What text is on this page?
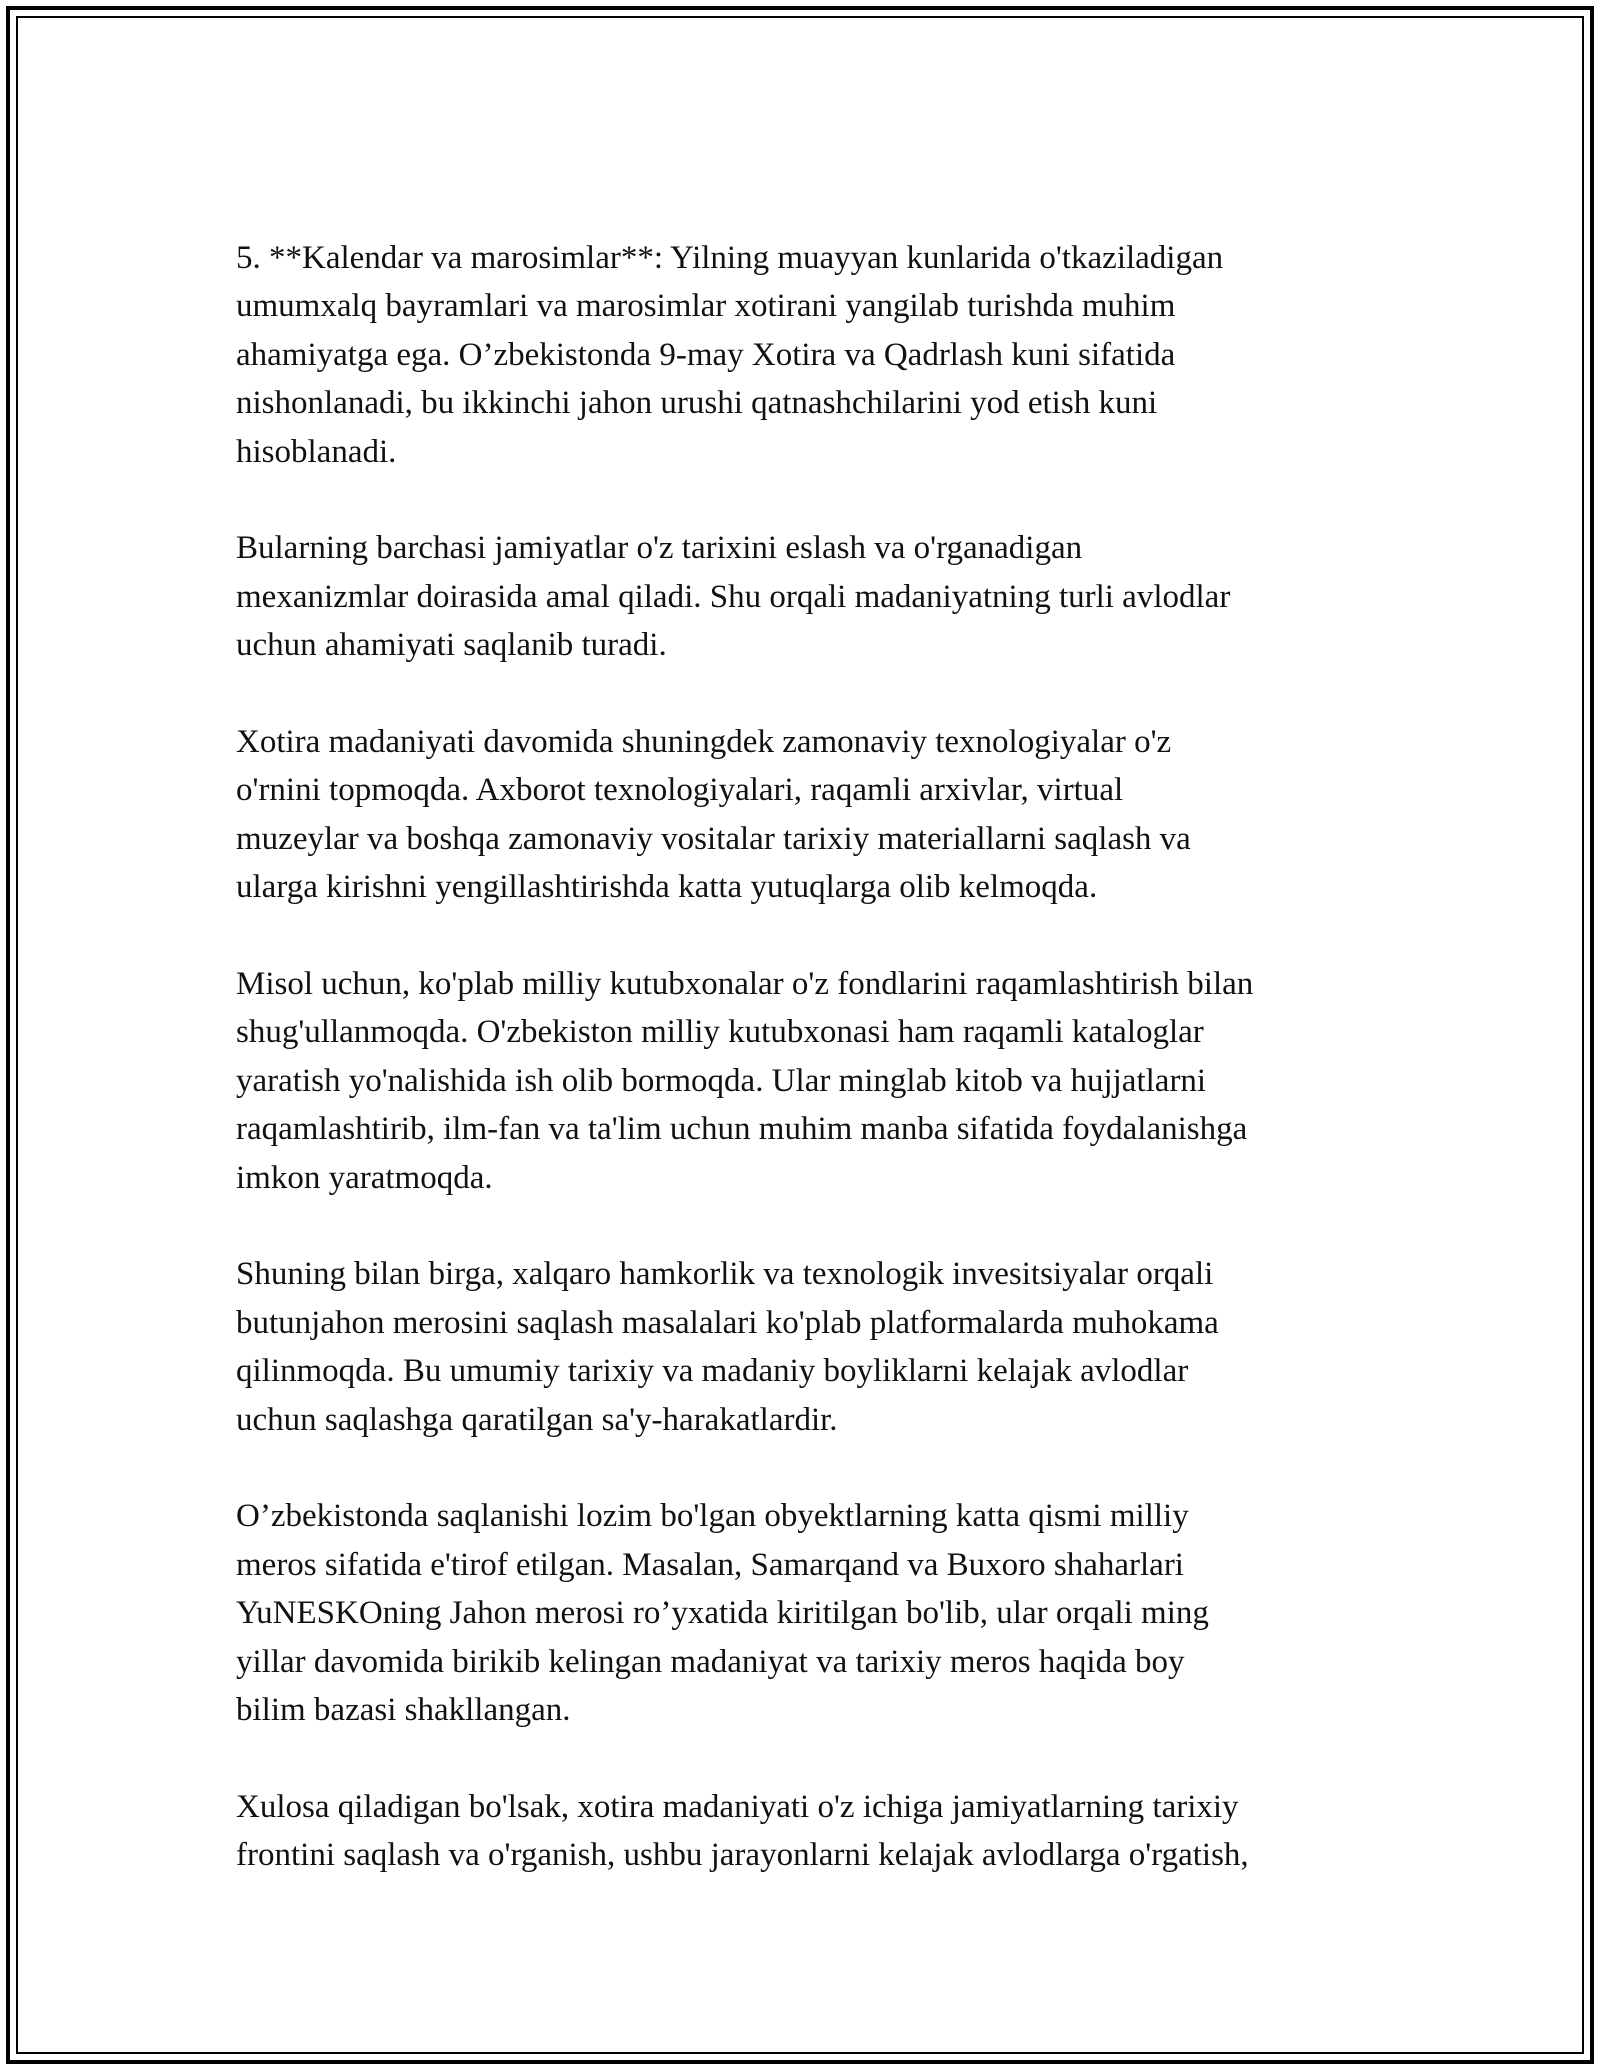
5. **Kalendar va marosimlar**: Yilning muayyan kunlarida o'tkaziladigan
umumxalq bayramlari va marosimlar xotirani yangilab turishda muhim
ahamiyatga ega. O’zbekistonda 9-may Xotira va Qadrlash kuni sifatida
nishonlanadi, bu ikkinchi jahon urushi qatnashchilarini yod etish kuni
hisoblanadi.

Bularning barchasi jamiyatlar o'z tarixini eslash va o'rganadigan
mexanizmlar doirasida amal qiladi. Shu orqali madaniyatning turli avlodlar
uchun ahamiyati saqlanib turadi.

Xotira madaniyati davomida shuningdek zamonaviy texnologiyalar o'z
o'rnini topmoqda. Axborot texnologiyalari, raqamli arxivlar, virtual
muzeylar va boshqa zamonaviy vositalar tarixiy materiallarni saqlash va
ularga kirishni yengillashtirishda katta yutuqlarga olib kelmoqda.

Misol uchun, ko'plab milliy kutubxonalar o'z fondlarini raqamlashtirish bilan
shug'ullanmoqda. O'zbekiston milliy kutubxonasi ham raqamli kataloglar
yaratish yo'nalishida ish olib bormoqda. Ular minglab kitob va hujjatlarni
raqamlashtirib, ilm-fan va ta'lim uchun muhim manba sifatida foydalanishga
imkon yaratmoqda.

Shuning bilan birga, xalqaro hamkorlik va texnologik invesitsiyalar orqali
butunjahon merosini saqlash masalalari ko'plab platformalarda muhokama
qilinmoqda. Bu umumiy tarixiy va madaniy boyliklarni kelajak avlodlar
uchun saqlashga qaratilgan sa'y-harakatlardir.

O’zbekistonda saqlanishi lozim bo'lgan obyektlarning katta qismi milliy
meros sifatida e'tirof etilgan. Masalan, Samarqand va Buxoro shaharlari
YuNESKOning Jahon merosi ro’yxatida kiritilgan bo'lib, ular orqali ming
yillar davomida birikib kelingan madaniyat va tarixiy meros haqida boy
bilim bazasi shakllangan.

Xulosa qiladigan bo'lsak, xotira madaniyati o'z ichiga jamiyatlarning tarixiy
frontini saqlash va o'rganish, ushbu jarayonlarni kelajak avlodlarga o'rgatish,
